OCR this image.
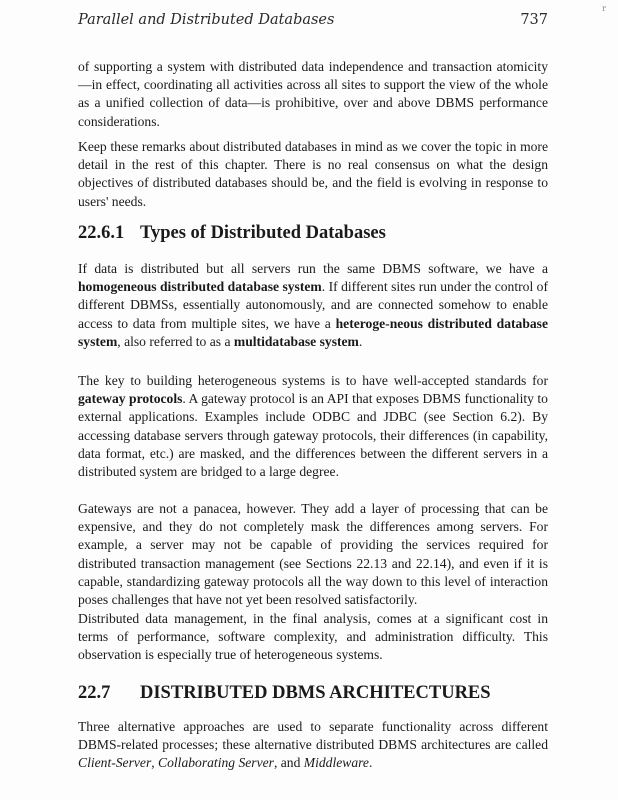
Parallel and Distributed Databases	737
r

of supporting a system with distributed data independence and transaction atomicity—in effect, coordinating all activities across all sites to support the view of the whole as a unified collection of data—is prohibitive, over and above DBMS performance considerations.

Keep these remarks about distributed databases in mind as we cover the topic in more detail in the rest of this chapter. There is no real consensus on what the design objectives of distributed databases should be, and the field is evolving in response to users' needs.

22.6.1 Types of Distributed Databases

If data is distributed but all servers run the same DBMS software, we have a homogeneous distributed database system. If different sites run under the control of different DBMSs, essentially autonomously, and are connected somehow to enable access to data from multiple sites, we have a heteroge-neous distributed database system, also referred to as a multidatabase system.

The key to building heterogeneous systems is to have well-accepted standards for gateway protocols. A gateway protocol is an API that exposes DBMS functionality to external applications. Examples include ODBC and JDBC (see Section 6.2). By accessing database servers through gateway protocols, their differences (in capability, data format, etc.) are masked, and the differences between the different servers in a distributed system are bridged to a large degree.

Gateways are not a panacea, however. They add a layer of processing that can be expensive, and they do not completely mask the differences among servers. For example, a server may not be capable of providing the services required for distributed transaction management (see Sections 22.13 and 22.14), and even if it is capable, standardizing gateway protocols all the way down to this level of interaction poses challenges that have not yet been resolved satisfactorily.

Distributed data management, in the final analysis, comes at a significant cost in terms of performance, software complexity, and administration difficulty. This observation is especially true of heterogeneous systems.

22.7 DISTRIBUTED DBMS ARCHITECTURES

Three alternative approaches are used to separate functionality across different DBMS-related processes; these alternative distributed DBMS architectures are called Client-Server, Collaborating Server, and Middleware.
